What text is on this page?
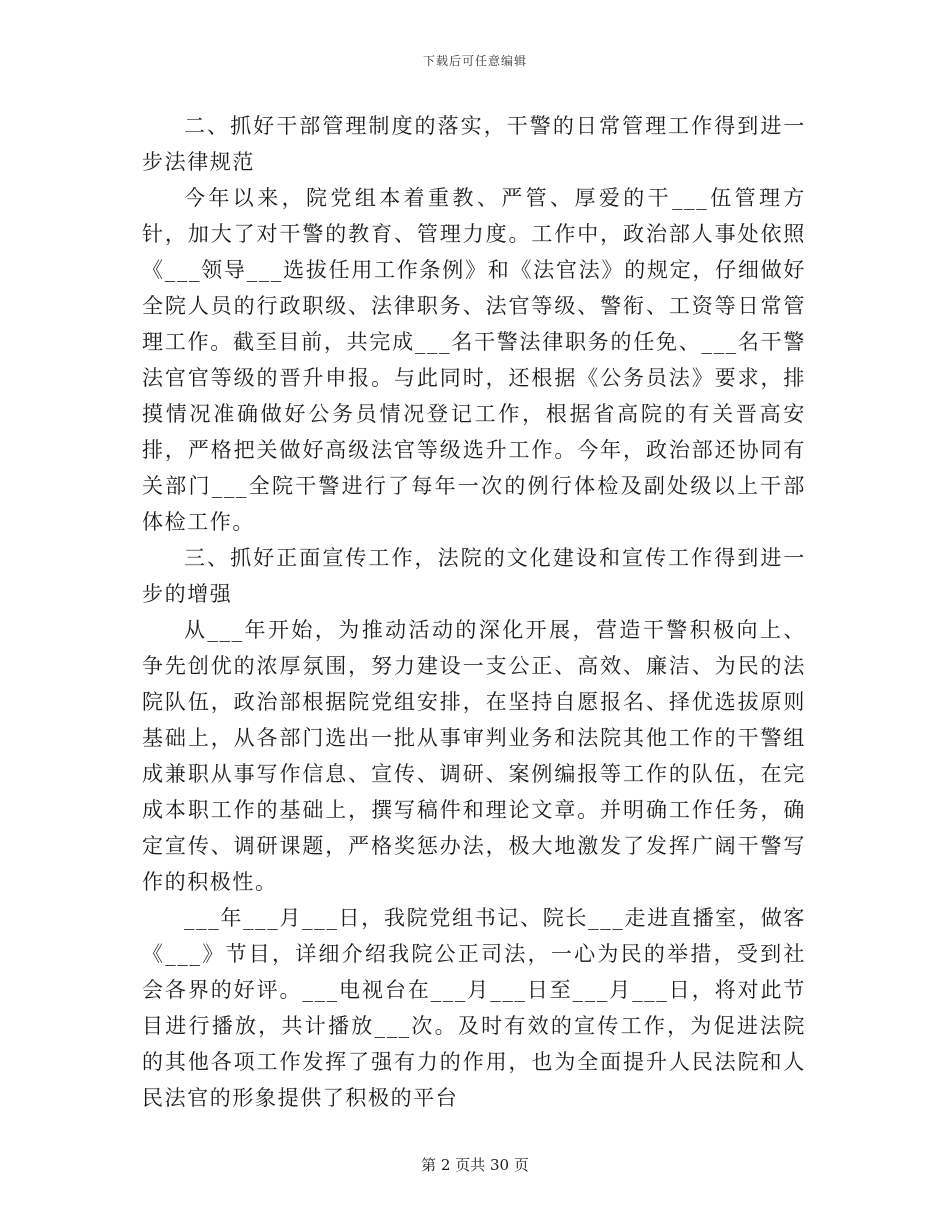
下载后可任意编辑

二、抓好干部管理制度的落实，干警的日常管理工作得到进一步法律规范

今年以来，院党组本着重教、严管、厚爱的干___伍管理方针，加大了对干警的教育、管理力度。工作中，政治部人事处依照《___领导___选拔任用工作条例》和《法官法》的规定，仔细做好全院人员的行政职级、法律职务、法官等级、警衔、工资等日常管理工作。截至目前，共完成___名干警法律职务的任免、___名干警法官官等级的晋升申报。与此同时，还根据《公务员法》要求，排摸情况准确做好公务员情况登记工作，根据省高院的有关晋高安排，严格把关做好高级法官等级选升工作。今年，政治部还协同有关部门___全院干警进行了每年一次的例行体检及副处级以上干部体检工作。

三、抓好正面宣传工作，法院的文化建设和宣传工作得到进一步的增强

从___年开始，为推动活动的深化开展，营造干警积极向上、争先创优的浓厚氛围，努力建设一支公正、高效、廉洁、为民的法院队伍，政治部根据院党组安排，在坚持自愿报名、择优选拔原则基础上，从各部门选出一批从事审判业务和法院其他工作的干警组成兼职从事写作信息、宣传、调研、案例编报等工作的队伍，在完成本职工作的基础上，撰写稿件和理论文章。并明确工作任务，确定宣传、调研课题，严格奖惩办法，极大地激发了发挥广阔干警写作的积极性。

___年___月___日，我院党组书记、院长___走进直播室，做客《___》节目，详细介绍我院公正司法，一心为民的举措，受到社会各界的好评。___电视台在___月___日至___月___日，将对此节目进行播放，共计播放___次。及时有效的宣传工作，为促进法院的其他各项工作发挥了强有力的作用，也为全面提升人民法院和人民法官的形象提供了积极的平台

第 2 页共 30 页
